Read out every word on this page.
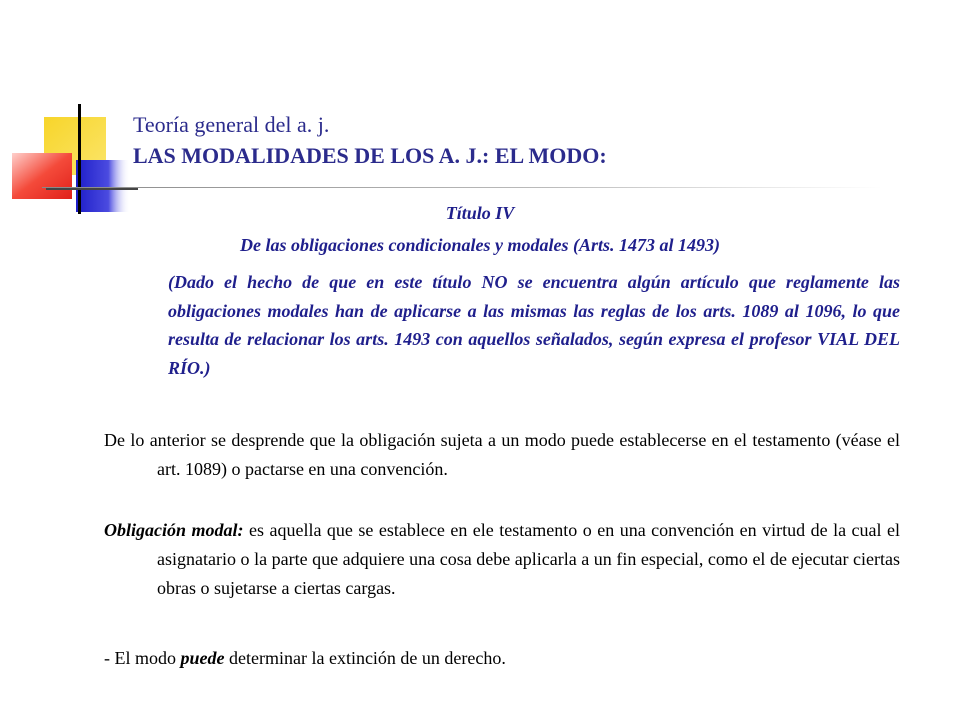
Teoría general del a. j.
LAS MODALIDADES DE LOS A. J.: EL MODO:
Título IV
De las obligaciones condicionales y modales (Arts. 1473 al 1493)
(Dado el hecho de que en este título NO se encuentra algún artículo que reglamente las obligaciones modales han de aplicarse a las mismas las reglas de los arts. 1089 al 1096, lo que resulta de relacionar los arts. 1493 con aquellos señalados, según expresa el profesor VIAL DEL RÍO.)
De lo anterior se desprende que la obligación sujeta a un modo puede establecerse en el testamento (véase el art. 1089) o pactarse en una convención.
Obligación modal: es aquella que se establece en ele testamento o en una convención en virtud de la cual el asignatario o la parte que adquiere una cosa debe aplicarla a un fin especial, como el de ejecutar ciertas obras o sujetarse a ciertas cargas.
- El modo puede determinar la extinción de un derecho.
